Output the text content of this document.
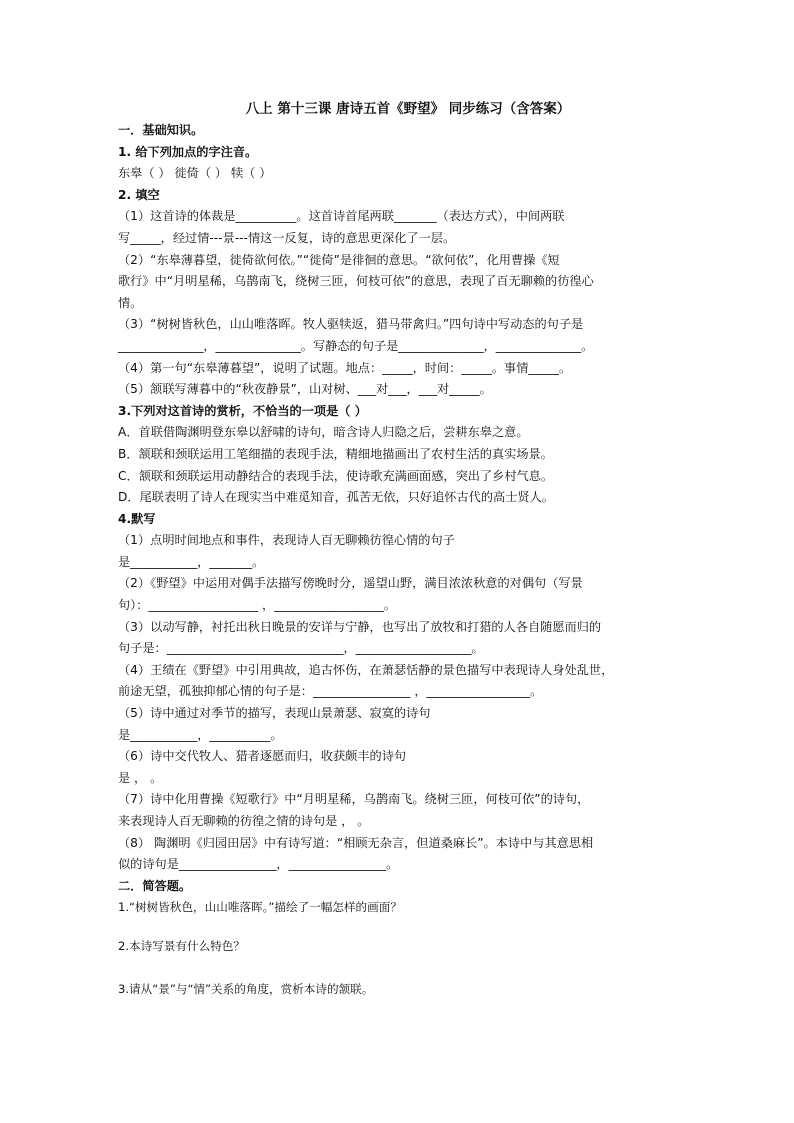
八上 第十三课 唐诗五首《野望》 同步练习（含答案）
一．基础知识。
1. 给下列加点的字注音。
东皋（ ） 徙倚（ ） 犊（ ）
2. 填空
（1）这首诗的体裁是__________。这首诗首尾两联_______（表达方式），中间两联
写_____，经过情---景---情这一反复，诗的意思更深化了一层。
（2）“东皋薄暮望，徙倚欲何依。”“徙倚”是徘徊的意思。“欲何依”，化用曹操《短
歌行》中“月明星稀，乌鹊南飞，绕树三匝，何枝可依”的意思，表现了百无聊赖的彷徨心
情。
（3）“树树皆秋色，山山唯落晖。牧人驱犊返，猎马带禽归。”四句诗中写动态的句子是
______________，______________。写静态的句子是______________，______________。
（4）第一句“东皋薄暮望”，说明了试题。地点：_____，时间：_____。事情_____。
（5）颔联写薄暮中的“秋夜静景”，山对树、___对___，___对_____。
3.下列对这首诗的赏析，不恰当的一项是（ ）
A．首联借陶渊明登东皋以舒啸的诗句，暗含诗人归隐之后，尝耕东皋之意。
B．颔联和颈联运用工笔细描的表现手法，精细地描画出了农村生活的真实场景。
C．颔联和颈联运用动静结合的表现手法，使诗歌充满画面感，突出了乡村气息。
D．尾联表明了诗人在现实当中难觅知音，孤苦无依，只好追怀古代的高士贤人。
4.默写
（1）点明时间地点和事件，表现诗人百无聊赖彷徨心情的句子
是___________，_______。
（2）《野望》中运用对偶手法描写傍晚时分，遥望山野，满目浓浓秋意的对偶句（写景
句）：__________________ ，__________________。
（3）以动写静，衬托出秋日晚景的安详与宁静，也写出了放牧和打猎的人各自随愿而归的
句子是：_____________________________，___________________。
（4）王绩在《野望》中引用典故，追古怀伤，在萧瑟恬静的景色描写中表现诗人身处乱世，
前途无望，孤独抑郁心情的句子是：________________ ，_________________。
（5）诗中通过对季节的描写，表现山景萧瑟、寂寞的诗句
是___________，__________。
（6）诗中交代牧人、猎者逐愿而归，收获颇丰的诗句
是 ， 。
（7）诗中化用曹操《短歌行》中“月明星稀，乌鹊南飞。绕树三匝，何枝可依”的诗句，
来表现诗人百无聊赖的彷徨之情的诗句是 ， 。
（8） 陶渊明《归园田居》中有诗写道：“相顾无杂言，但道桑麻长”。本诗中与其意思相
似的诗句是________________，________________。
二．简答题。
1.“树树皆秋色，山山唯落晖。”描绘了一幅怎样的画面？
2.本诗写景有什么特色？
3.请从“景”与“情”关系的角度，赏析本诗的颔联。
